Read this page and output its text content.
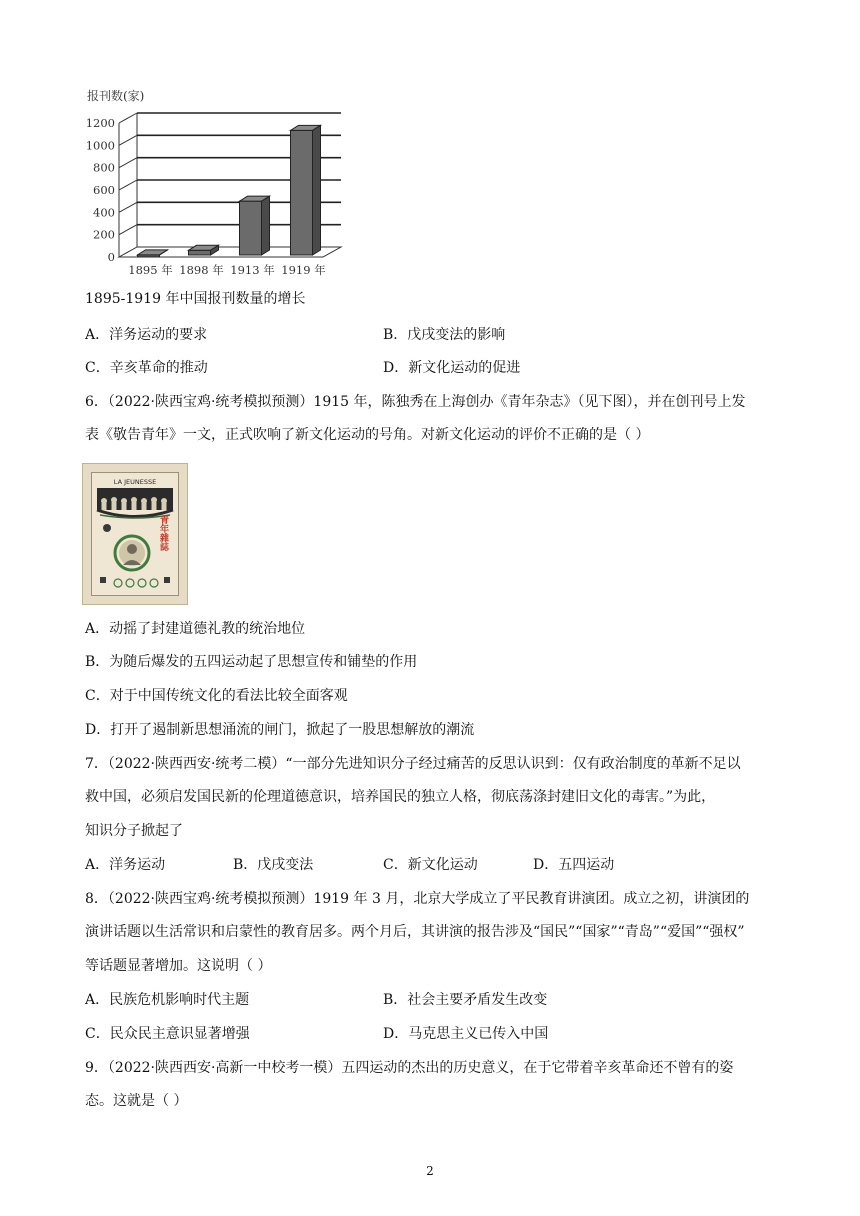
报刊数(家)
0
200
400
600
800
1000
1200
1895 年 1898 年 1913 年 1919 年
1895-1919 年中国报刊数量的增长
A．洋务运动的要求	B．戊戌变法的影响
C．辛亥革命的推动	D．新文化运动的促进
6．（2022·陕西宝鸡·统考模拟预测）1915 年，陈独秀在上海创办《青年杂志》（见下图），并在创刊号上发
表《敬告青年》一文，正式吹响了新文化运动的号角。对新文化运动的评价不正确的是（ ）
LA JEUNESSE
青年雜誌
A．动摇了封建道德礼教的统治地位
B．为随后爆发的五四运动起了思想宣传和铺垫的作用
C．对于中国传统文化的看法比较全面客观
D．打开了遏制新思想涌流的闸门，掀起了一股思想解放的潮流
7．（2022·陕西西安·统考二模）“一部分先进知识分子经过痛苦的反思认识到：仅有政治制度的革新不足以
救中国，必须启发国民新的伦理道德意识，培养国民的独立人格，彻底荡涤封建旧文化的毒害。”为此，
知识分子掀起了
A．洋务运动	B．戊戌变法	C．新文化运动	D．五四运动
8．（2022·陕西宝鸡·统考模拟预测）1919 年 3 月，北京大学成立了平民教育讲演团。成立之初，讲演团的
演讲话题以生活常识和启蒙性的教育居多。两个月后，其讲演的报告涉及“国民”“国家”“青岛”“爱国”“强权”
等话题显著增加。这说明（ ）
A．民族危机影响时代主题	B．社会主要矛盾发生改变
C．民众民主意识显著增强	D．马克思主义已传入中国
9．（2022·陕西西安·高新一中校考一模）五四运动的杰出的历史意义，在于它带着辛亥革命还不曾有的姿
态。这就是（ ）
2
